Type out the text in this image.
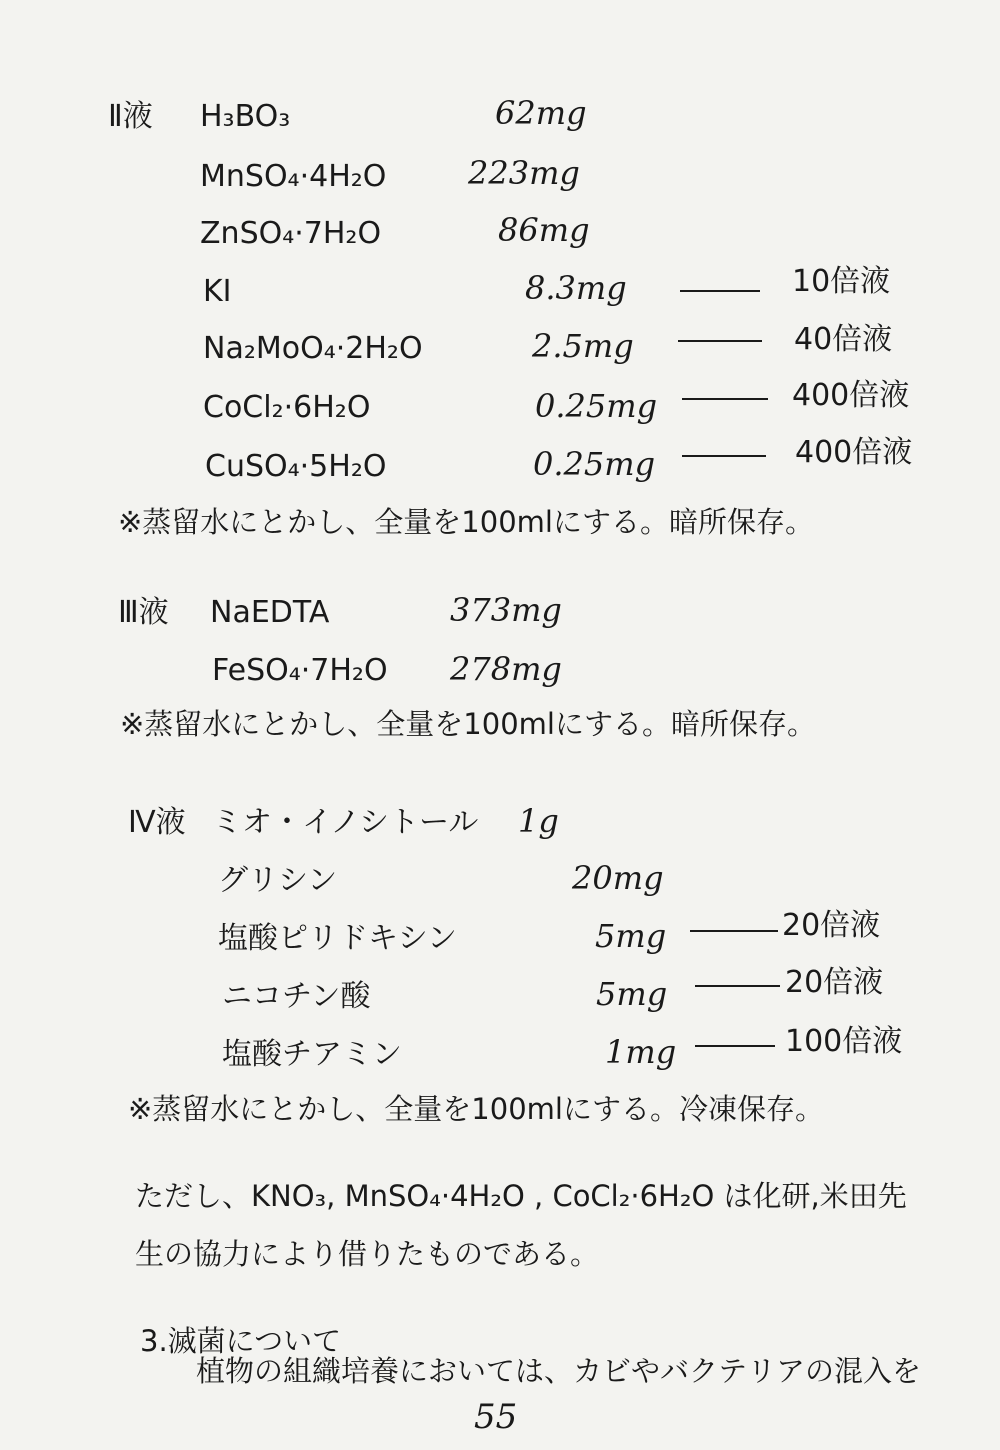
Ⅱ液 H₃BO₃	62mg
MnSO₄·4H₂O	223mg
ZnSO₄·7H₂O	86mg
KI	8.3mg	10倍液
Na₂MoO₄·2H₂O	2.5mg	40倍液
CoCl₂·6H₂O	0.25mg	400倍液
CuSO₄·5H₂O	0.25mg	400倍液
※蒸留水にとかし、全量を100mlにする。暗所保存。
Ⅲ液 NaEDTA	373mg
FeSO₄·7H₂O 278mg
※蒸留水にとかし、全量を100mlにする。暗所保存。
Ⅳ液 ミオ・イノシトール 1g
グリシン	20mg
塩酸ピリドキシン	5mg	20倍液
ニコチン酸	5mg	20倍液
塩酸チアミン	1mg	100倍液
※蒸留水にとかし、全量を100mlにする。冷凍保存。
ただし、KNO₃, MnSO₄·4H₂O , CoCl₂·6H₂O は化研,米田先
生の協力により借りたものである。
3.滅菌について
植物の組織培養においては、カビやバクテリアの混入を
55
